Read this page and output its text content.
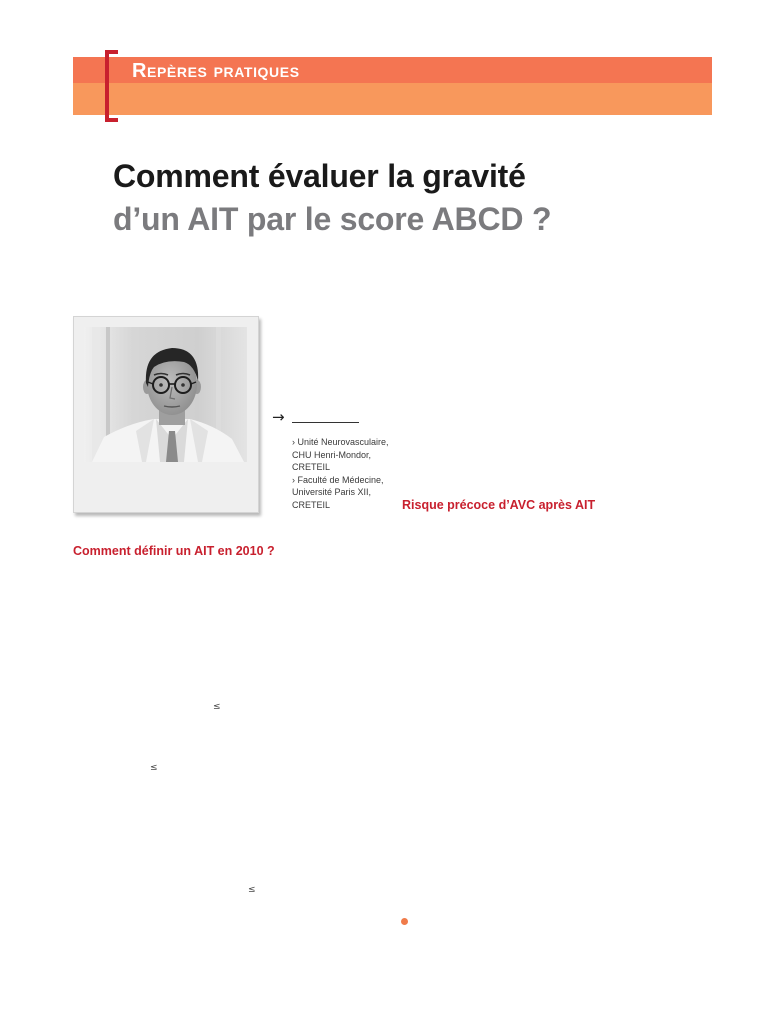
Repères pratiques
Comment évaluer la gravité
d’un AIT par le score ABCD ?
→
› Unité Neurovasculaire,
CHU Henri-Mondor,
CRETEIL
› Faculté de Médecine,
Université Paris XII,
CRETEIL	Risque précoce d’AVC après AIT
Comment définir un AIT en 2010 ?
≤
≤
≤
